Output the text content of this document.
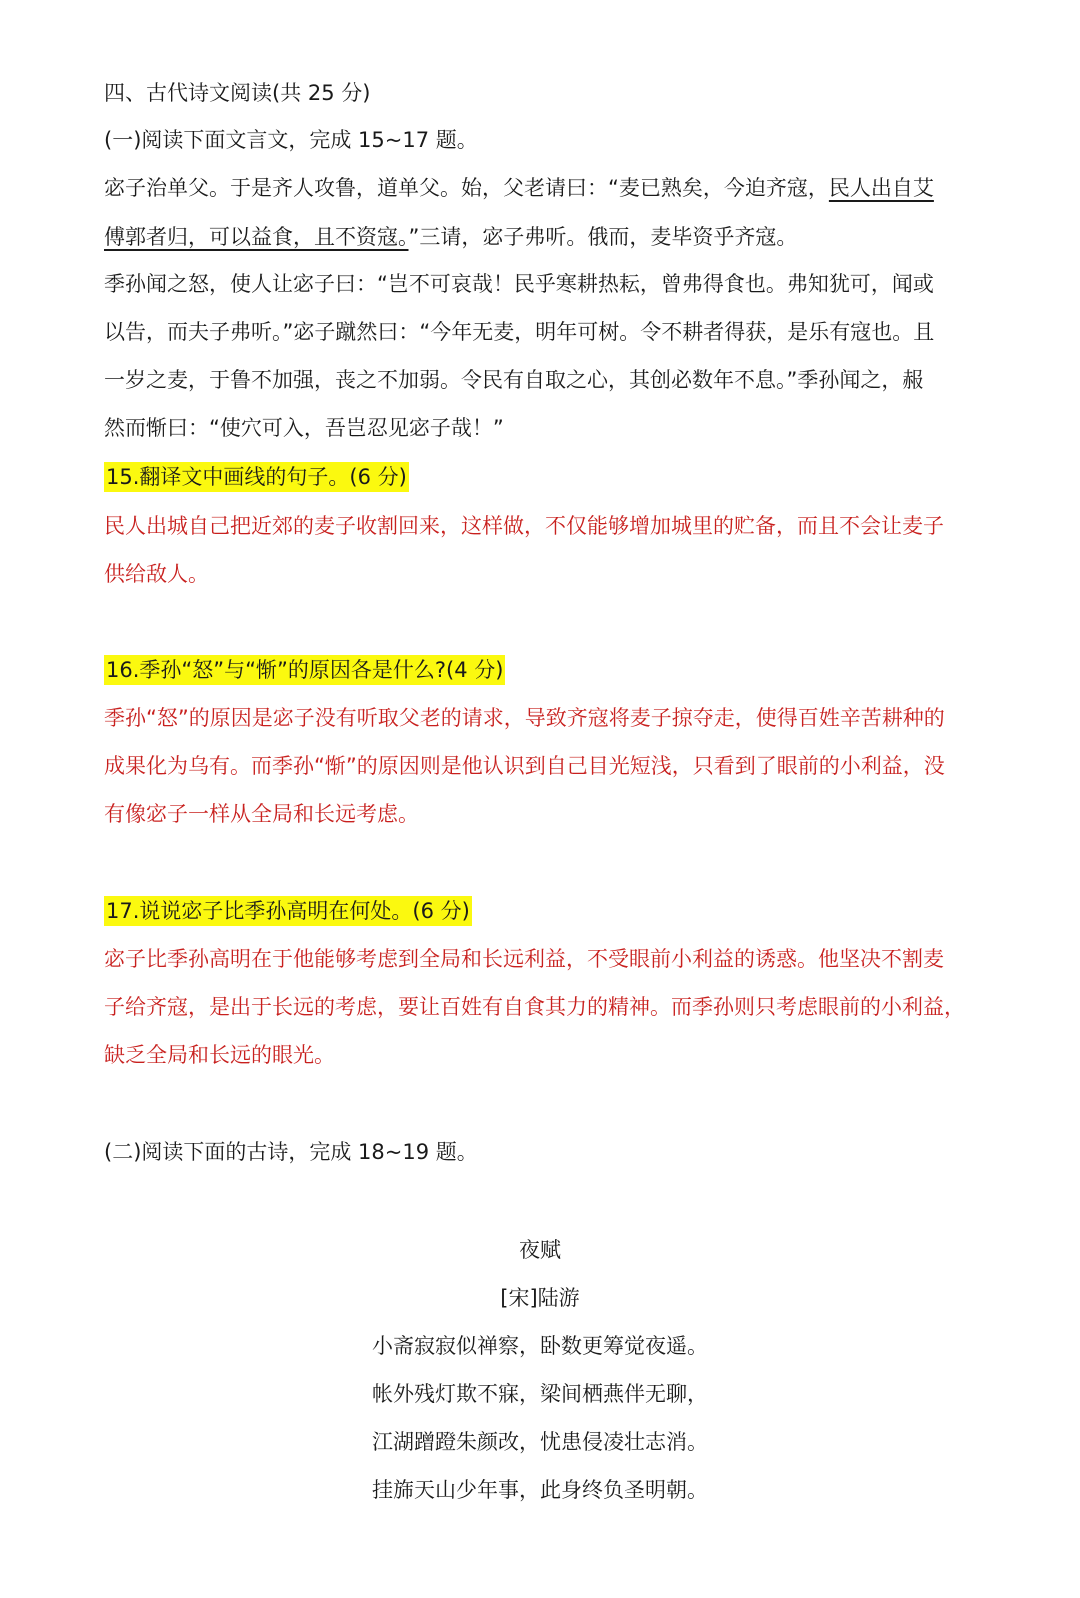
四、古代诗文阅读(共 25 分)

(一)阅读下面文言文，完成 15~17 题。

宓子治单父。于是齐人攻鲁，道单父。始，父老请曰：“麦已熟矣，今迫齐寇，民人出自艾

傅郭者归，可以益食，且不资寇。”三请，宓子弗听。俄而，麦毕资乎齐寇。

季孙闻之怒，使人让宓子曰：“岂不可哀哉！民乎寒耕热耘，曾弗得食也。弗知犹可，闻或

以告，而夫子弗听。”宓子蹴然曰：“今年无麦，明年可树。令不耕者得获，是乐有寇也。且

一岁之麦，于鲁不加强，丧之不加弱。令民有自取之心，其创必数年不息。”季孙闻之，赧

然而惭曰：“使穴可入，吾岂忍见宓子哉！”

15.翻译文中画线的句子。(6 分)

民人出城自己把近郊的麦子收割回来，这样做，不仅能够增加城里的贮备，而且不会让麦子

供给敌人。

16.季孙“怒”与“惭”的原因各是什么?(4 分)

季孙“怒”的原因是宓子没有听取父老的请求，导致齐寇将麦子掠夺走，使得百姓辛苦耕种的

成果化为乌有。而季孙“惭”的原因则是他认识到自己目光短浅，只看到了眼前的小利益，没

有像宓子一样从全局和长远考虑。

17.说说宓子比季孙高明在何处。(6 分)

宓子比季孙高明在于他能够考虑到全局和长远利益，不受眼前小利益的诱惑。他坚决不割麦

子给齐寇，是出于长远的考虑，要让百姓有自食其力的精神。而季孙则只考虑眼前的小利益，

缺乏全局和长远的眼光。

(二)阅读下面的古诗，完成 18~19 题。

夜赋

[宋]陆游

小斋寂寂似禅察，卧数更筹觉夜遥。

帐外残灯欺不寐，梁间栖燕伴无聊，

江湖蹭蹬朱颜改，忧患侵凌壮志消。

挂旆天山少年事，此身终负圣明朝。
